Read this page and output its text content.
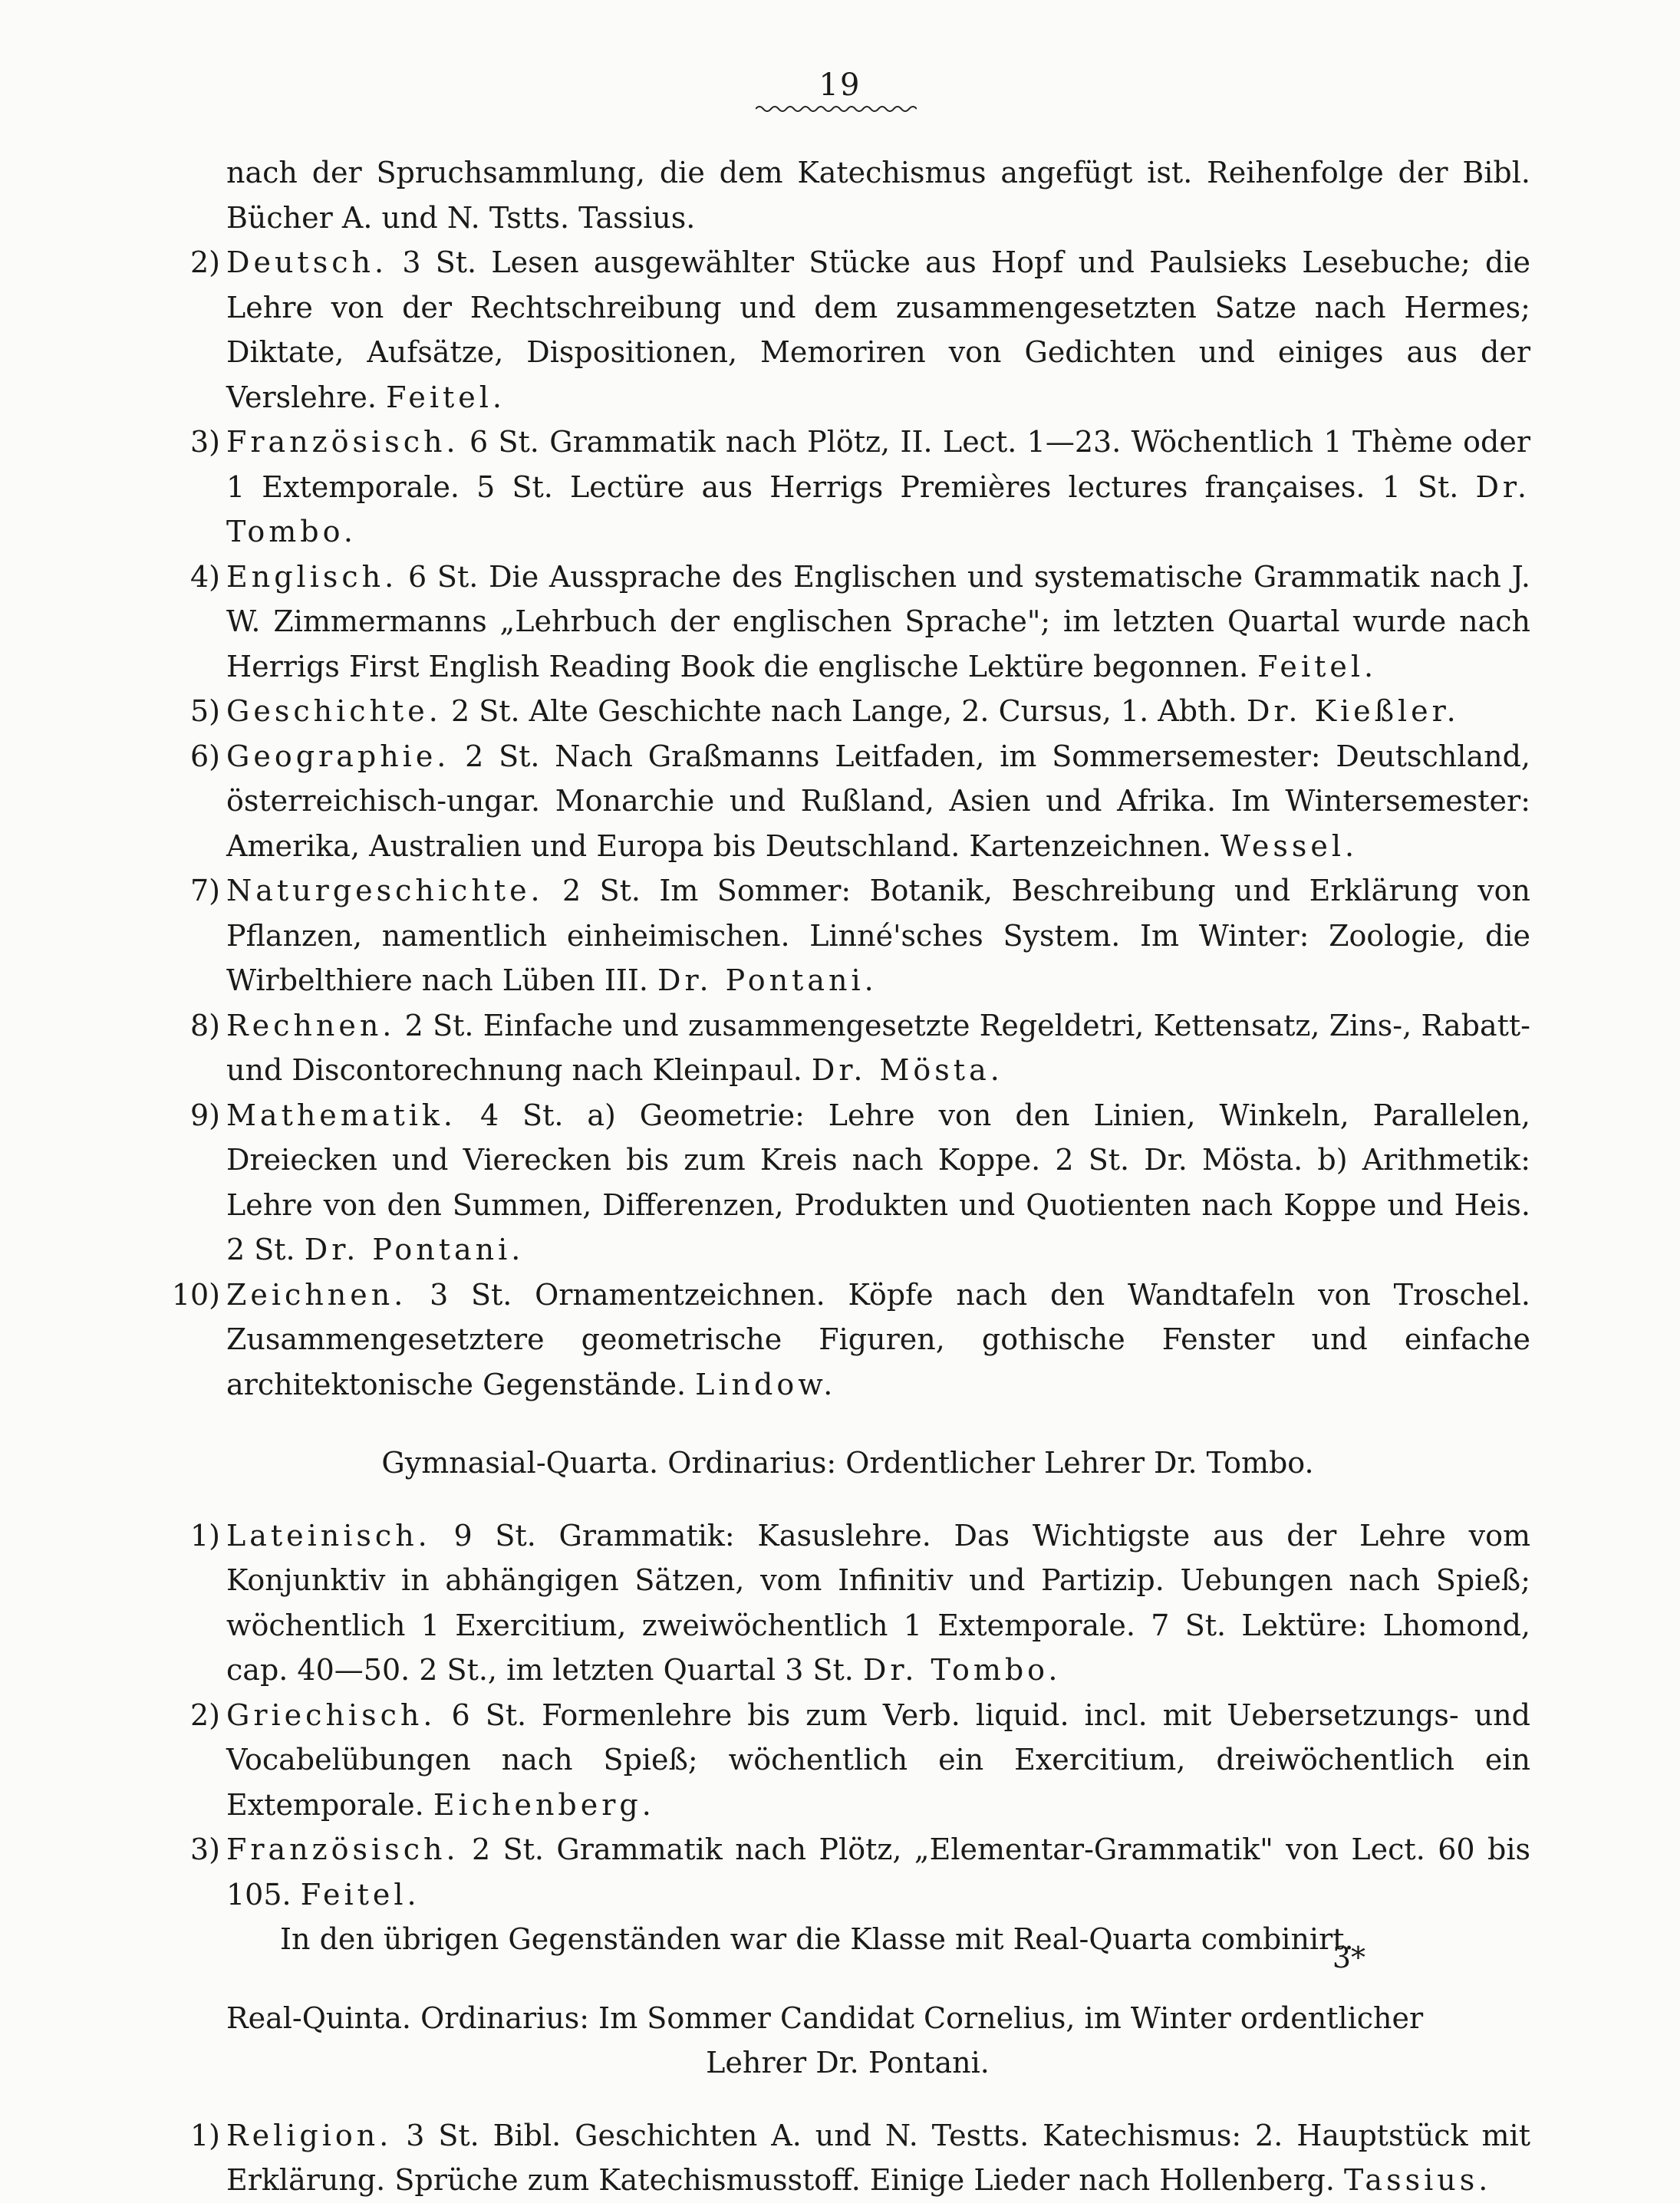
19
nach der Spruchsammlung, die dem Katechismus angefügt ist. Reihenfolge der Bibl. Bücher A. und N. Tstts. Tassius.
2) Deutsch. 3 St. Lesen ausgewählter Stücke aus Hopf und Paulsieks Lesebuche; die Lehre von der Rechtschreibung und dem zusammengesetzten Satze nach Hermes; Diktate, Aufsätze, Dispositionen, Memoriren von Gedichten und einiges aus der Verslehre. Feitel.
3) Französisch. 6 St. Grammatik nach Plötz, II. Lect. 1—23. Wöchentlich 1 Thème oder 1 Extemporale. 5 St. Lectüre aus Herrigs Premières lectures françaises. 1 St. Dr. Tombo.
4) Englisch. 6 St. Die Aussprache des Englischen und systematische Grammatik nach J. W. Zimmermanns „Lehrbuch der englischen Sprache"; im letzten Quartal wurde nach Herrigs First English Reading Book die englische Lektüre begonnen. Feitel.
5) Geschichte. 2 St. Alte Geschichte nach Lange, 2. Cursus, 1. Abth. Dr. Kießler.
6) Geographie. 2 St. Nach Graßmanns Leitfaden, im Sommersemester: Deutschland, österreichisch-ungar. Monarchie und Rußland, Asien und Afrika. Im Wintersemester: Amerika, Australien und Europa bis Deutschland. Kartenzeichnen. Wessel.
7) Naturgeschichte. 2 St. Im Sommer: Botanik, Beschreibung und Erklärung von Pflanzen, namentlich einheimischen. Linné'sches System. Im Winter: Zoologie, die Wirbelthiere nach Lüben III. Dr. Pontani.
8) Rechnen. 2 St. Einfache und zusammengesetzte Regeldetri, Kettensatz, Zins-, Rabatt- und Discontorechnung nach Kleinpaul. Dr. Mösta.
9) Mathematik. 4 St. a) Geometrie: Lehre von den Linien, Winkeln, Parallelen, Dreiecken und Vierecken bis zum Kreis nach Koppe. 2 St. Dr. Mösta. b) Arithmetik: Lehre von den Summen, Differenzen, Produkten und Quotienten nach Koppe und Heis. 2 St. Dr. Pontani.
10) Zeichnen. 3 St. Ornamentzeichnen. Köpfe nach den Wandtafeln von Troschel. Zusammengesetztere geometrische Figuren, gothische Fenster und einfache architektonische Gegenstände. Lindow.
Gymnasial-Quarta. Ordinarius: Ordentlicher Lehrer Dr. Tombo.
1) Lateinisch. 9 St. Grammatik: Kasuslehre. Das Wichtigste aus der Lehre vom Konjunktiv in abhängigen Sätzen, vom Infinitiv und Partizip. Uebungen nach Spieß; wöchentlich 1 Exercitium, zweiwöchentlich 1 Extemporale. 7 St. Lektüre: Lhomond, cap. 40—50. 2 St., im letzten Quartal 3 St. Dr. Tombo.
2) Griechisch. 6 St. Formenlehre bis zum Verb. liquid. incl. mit Uebersetzungs- und Vocabelübungen nach Spieß; wöchentlich ein Exercitium, dreiwöchentlich ein Extemporale. Eichenberg.
3) Französisch. 2 St. Grammatik nach Plötz, „Elementar-Grammatik" von Lect. 60 bis 105. Feitel.
In den übrigen Gegenständen war die Klasse mit Real-Quarta combinirt.
Real-Quinta. Ordinarius: Im Sommer Candidat Cornelius, im Winter ordentlicher
Lehrer Dr. Pontani.
1) Religion. 3 St. Bibl. Geschichten A. und N. Testts. Katechismus: 2. Hauptstück mit Erklärung. Sprüche zum Katechismusstoff. Einige Lieder nach Hollenberg. Tassius.
3*
